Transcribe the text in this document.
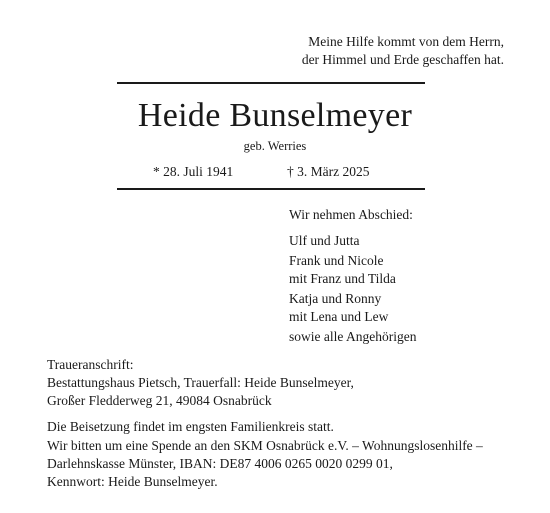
Meine Hilfe kommt von dem Herrn,
der Himmel und Erde geschaffen hat.
Heide Bunselmeyer
geb. Werries
* 28. Juli 1941	† 3. März 2025
Wir nehmen Abschied:
Ulf und Jutta
Frank und Nicole
mit Franz und Tilda
Katja und Ronny
mit Lena und Lew
sowie alle Angehörigen
Traueranschrift:
Bestattungshaus Pietsch, Trauerfall: Heide Bunselmeyer,
Großer Fledderweg 21, 49084 Osnabrück
Die Beisetzung findet im engsten Familienkreis statt.
Wir bitten um eine Spende an den SKM Osnabrück e.V. – Wohnungslosenhilfe –
Darlehnskasse Münster, IBAN: DE87 4006 0265 0020 0299 01,
Kennwort: Heide Bunselmeyer.
